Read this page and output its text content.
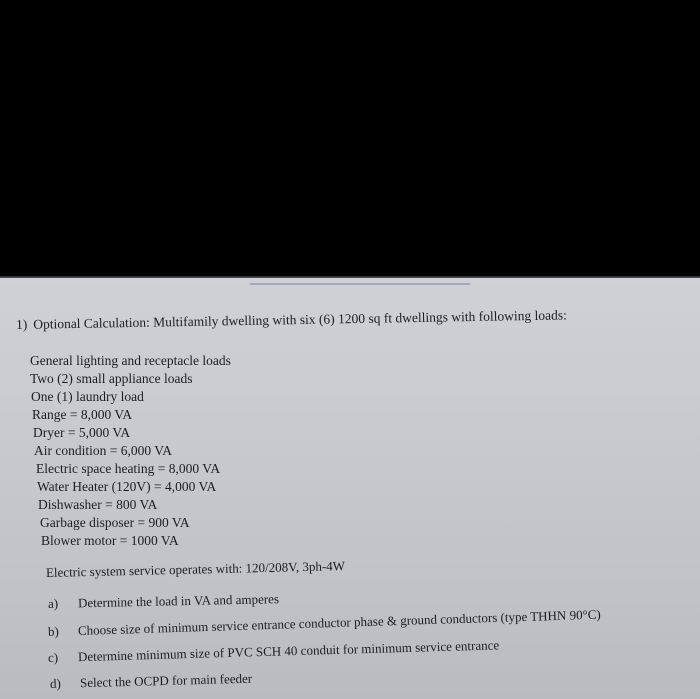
1) Optional Calculation: Multifamily dwelling with six (6) 1200 sq ft dwellings with following loads:
General lighting and receptacle loads
Two (2) small appliance loads
One (1) laundry load
Range = 8,000 VA
Dryer = 5,000 VA
Air condition = 6,000 VA
Electric space heating = 8,000 VA
Water Heater (120V) = 4,000 VA
Dishwasher = 800 VA
Garbage disposer = 900 VA
Blower motor = 1000 VA
Electric system service operates with: 120/208V, 3ph-4W
a) Determine the load in VA and amperes
b) Choose size of minimum service entrance conductor phase & ground conductors (type THHN 90°C)
c) Determine minimum size of PVC SCH 40 conduit for minimum service entrance
d) Select the OCPD for main feeder
